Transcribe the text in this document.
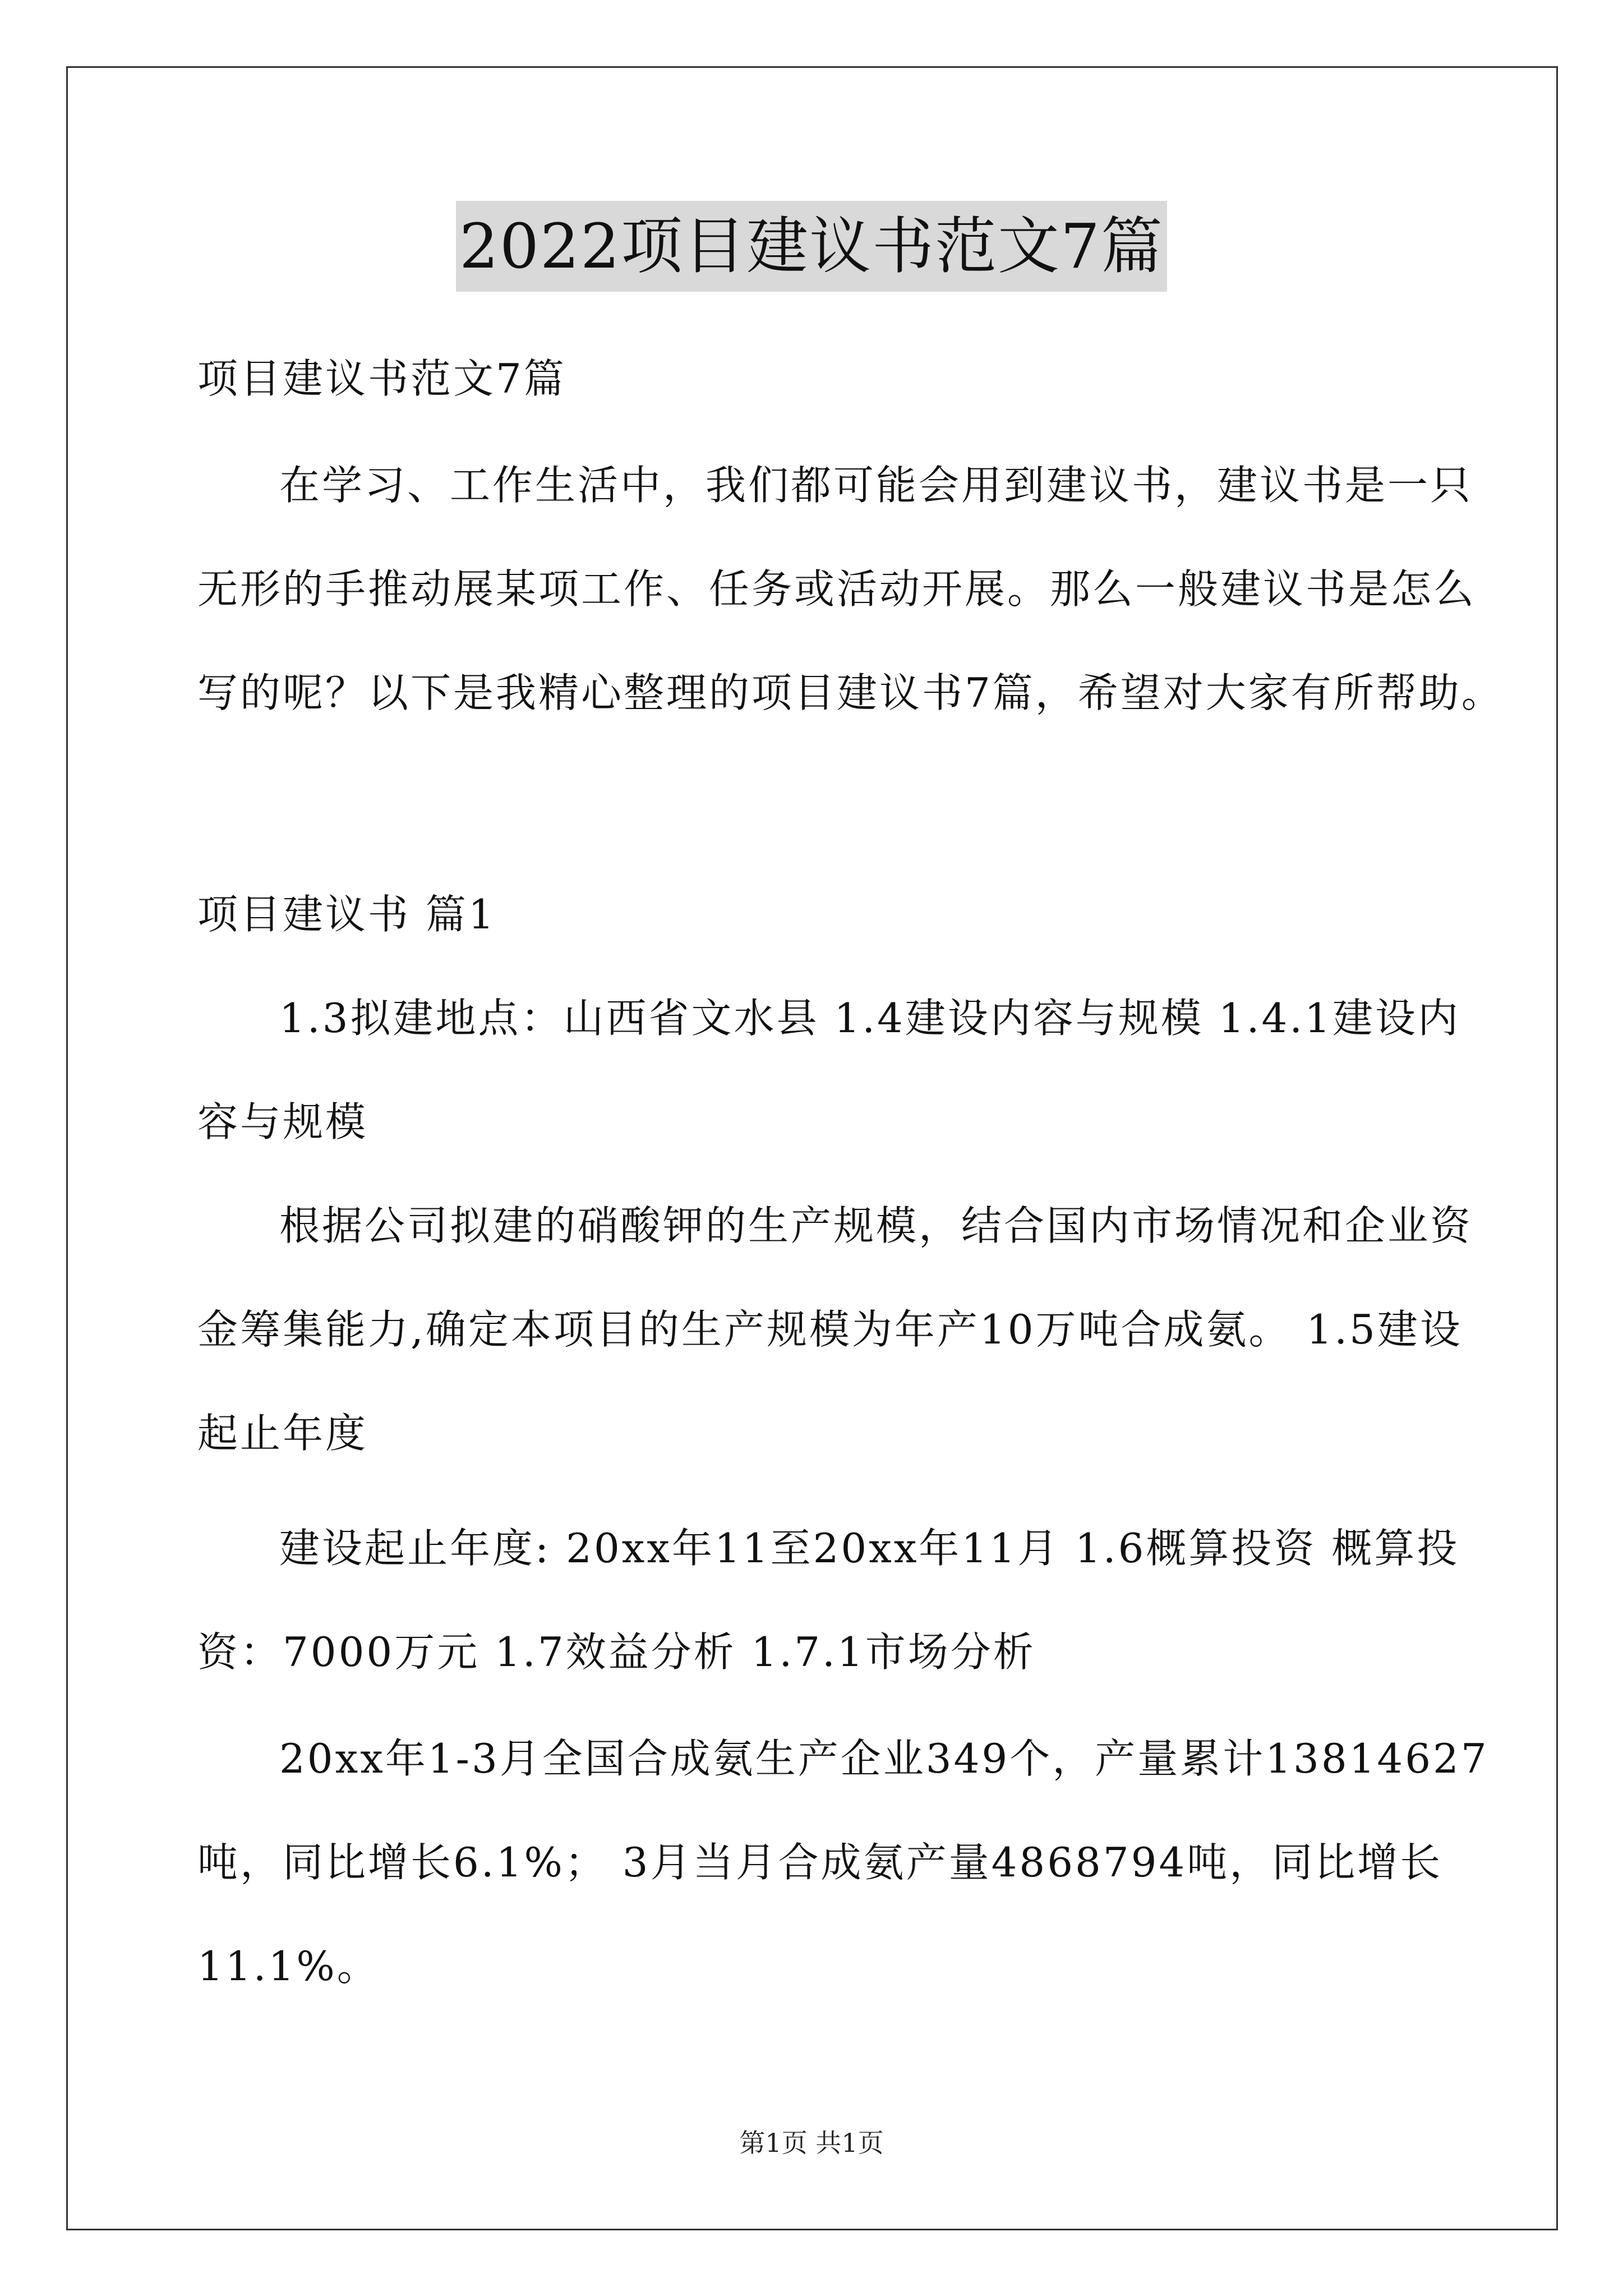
2022项目建议书范文7篇
项目建议书范文7篇
在学习、工作生活中，我们都可能会用到建议书，建议书是一只
无形的手推动展某项工作、任务或活动开展。那么一般建议书是怎么
写的呢？以下是我精心整理的项目建议书7篇，希望对大家有所帮助。
项目建议书 篇1
1.3拟建地点：山西省文水县 1.4建设内容与规模 1.4.1建设内
容与规模
根据公司拟建的硝酸钾的生产规模，结合国内市场情况和企业资
金筹集能力,确定本项目的生产规模为年产10万吨合成氨。 1.5建设
起止年度
建设起止年度: 20xx年11至20xx年11月 1.6概算投资 概算投
资：7000万元 1.7效益分析 1.7.1市场分析
20xx年1-3月全国合成氨生产企业349个，产量累计13814627
吨，同比增长6.1%； 3月当月合成氨产量4868794吨，同比增长
11.1%。
第1页 共1页
